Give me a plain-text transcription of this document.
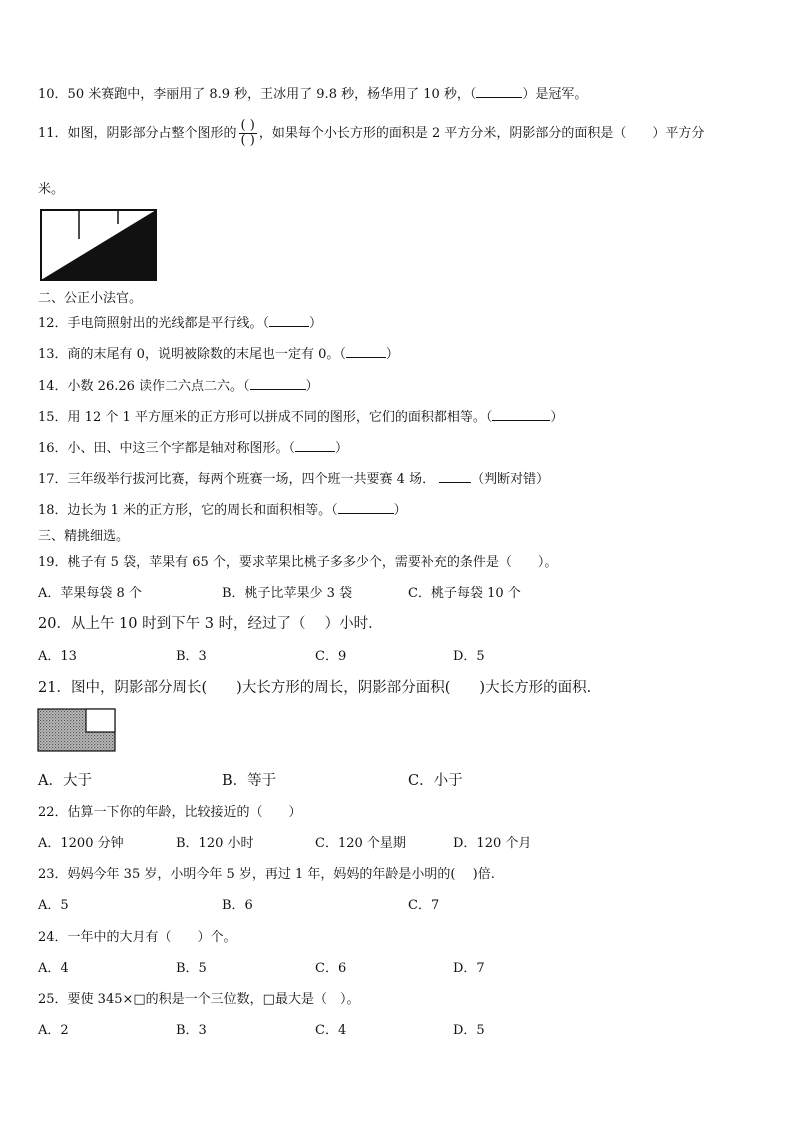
10．50 米赛跑中，李丽用了 8.9 秒，王冰用了 9.8 秒，杨华用了 10 秒，（	）是冠军。
11．如图，阴影部分占整个图形的 $\frac{( )}{( )}$ ，如果每个小长方形的面积是 2 平方分米，阴影部分的面积是（　　）平方分
米。
二、公正小法官。
12．手电筒照射出的光线都是平行线。（	）
13．商的末尾有 0，说明被除数的末尾也一定有 0。（	）
14．小数 26.26 读作二六点二六。（	）
15．用 12 个 1 平方厘米的正方形可以拼成不同的图形，它们的面积都相等。（	）
16．小、田、中这三个字都是轴对称图形。（	）
17．三年级举行拔河比赛，每两个班赛一场，四个班一共要赛 4 场．	（判断对错）
18．边长为 1 米的正方形，它的周长和面积相等。（	）
三、精挑细选。
19．桃子有 5 袋，苹果有 65 个，要求苹果比桃子多多少个，需要补充的条件是（　　）。
A．苹果每袋 8 个	B．桃子比苹果少 3 袋	C．桃子每袋 10 个
20．从上午 10 时到下午 3 时，经过了（　 ）小时．
A．13	B．3	C．9	D．5
21．图中，阴影部分周长(　　)大长方形的周长，阴影部分面积(　　)大长方形的面积．
A．大于	B．等于	C．小于
22．估算一下你的年龄，比较接近的（　　）
A．1200 分钟	B．120 小时	C．120 个星期	D．120 个月
23．妈妈今年 35 岁，小明今年 5 岁，再过 1 年，妈妈的年龄是小明的(　 )倍.
A．5	B．6	C．7
24．一年中的大月有（　　）个。
A．4	B．5	C．6	D．7
25．要使 345×□的积是一个三位数，□最大是（　）。
A．2	B．3	C．4	D．5
